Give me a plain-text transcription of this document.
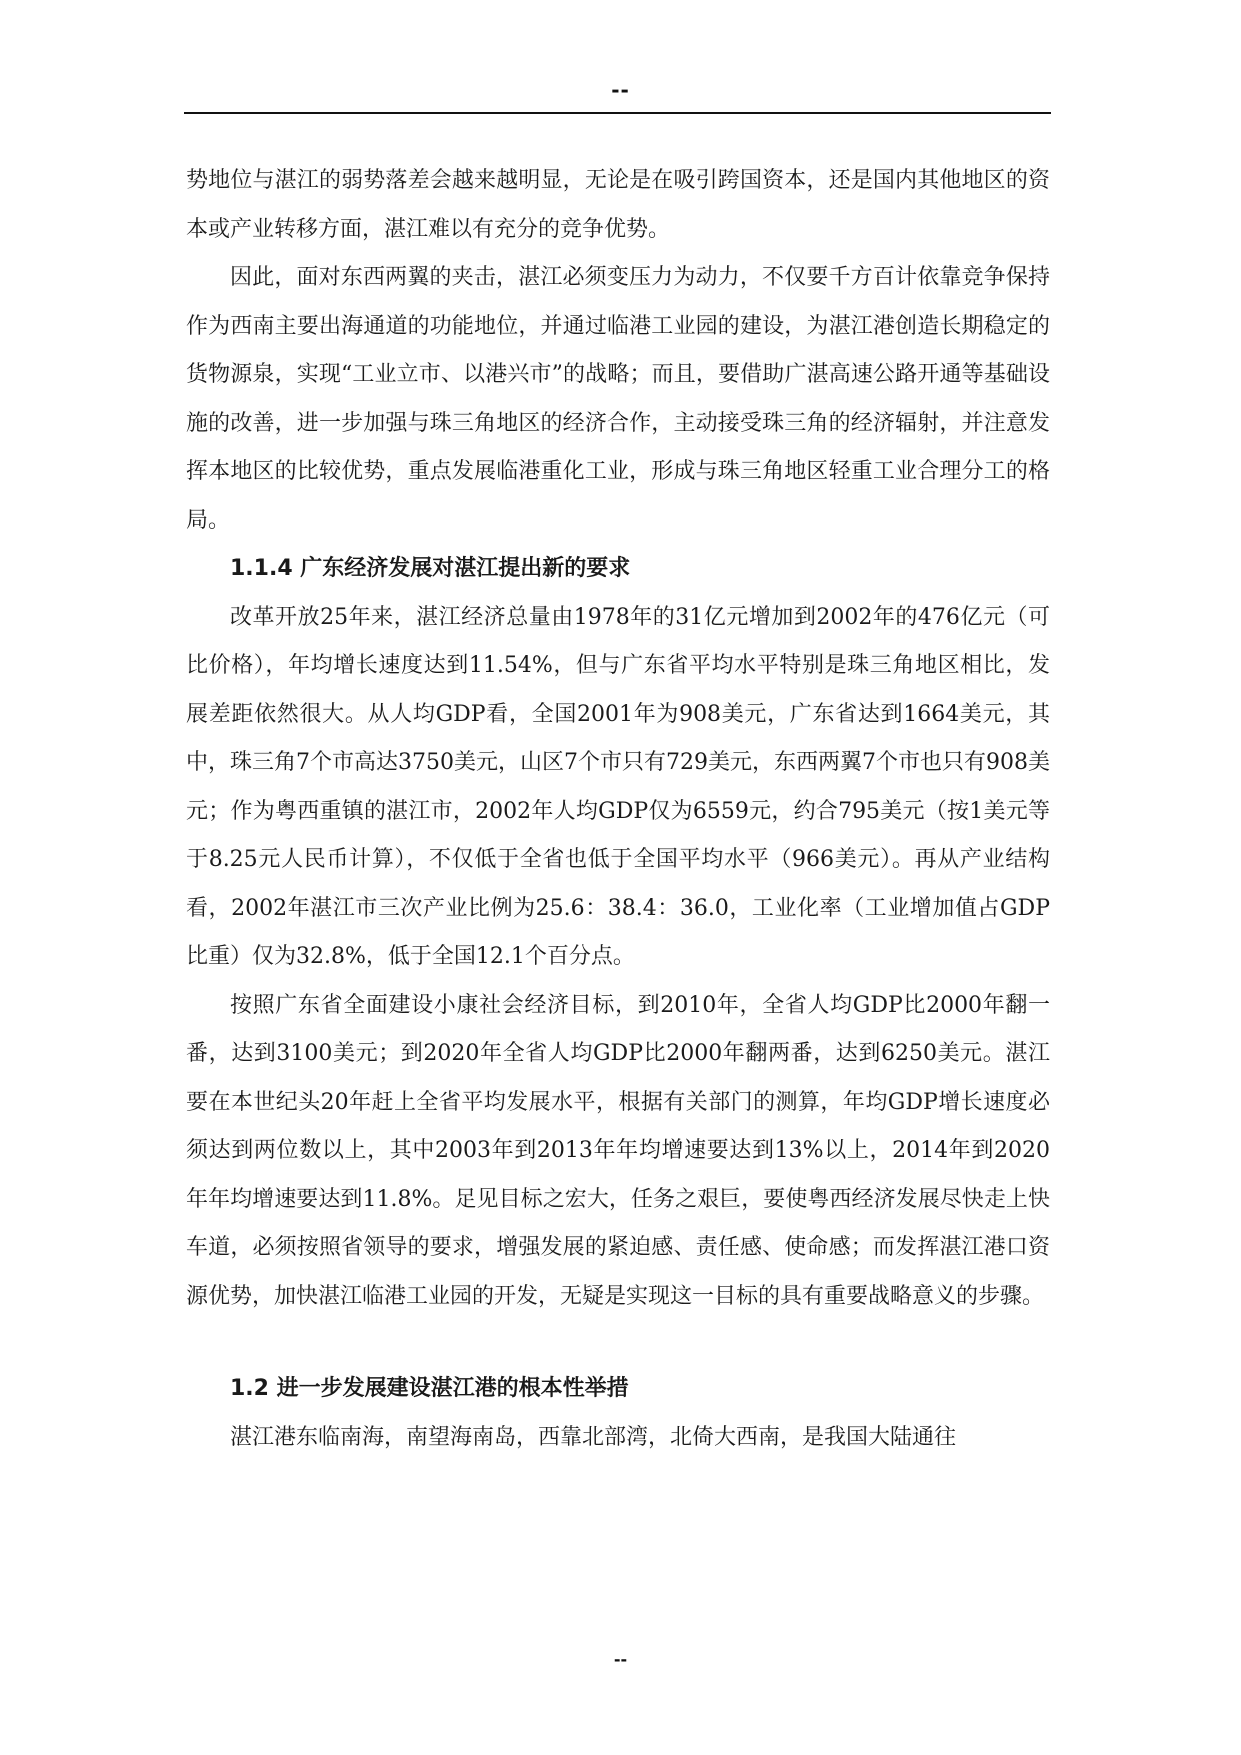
--

势地位与湛江的弱势落差会越来越明显，无论是在吸引跨国资本，还是国内其他地区的资本或产业转移方面，湛江难以有充分的竞争优势。

因此，面对东西两翼的夹击，湛江必须变压力为动力，不仅要千方百计依靠竞争保持作为西南主要出海通道的功能地位，并通过临港工业园的建设，为湛江港创造长期稳定的货物源泉，实现“工业立市、以港兴市”的战略；而且，要借助广湛高速公路开通等基础设施的改善，进一步加强与珠三角地区的经济合作，主动接受珠三角的经济辐射，并注意发挥本地区的比较优势，重点发展临港重化工业，形成与珠三角地区轻重工业合理分工的格局。

1.1.4 广东经济发展对湛江提出新的要求

改革开放25年来，湛江经济总量由1978年的31亿元增加到2002年的476亿元（可比价格），年均增长速度达到11.54%，但与广东省平均水平特别是珠三角地区相比，发展差距依然很大。从人均GDP看，全国2001年为908美元，广东省达到1664美元，其中，珠三角7个市高达3750美元，山区7个市只有729美元，东西两翼7个市也只有908美元；作为粤西重镇的湛江市，2002年人均GDP仅为6559元，约合795美元（按1美元等于8.25元人民币计算），不仅低于全省也低于全国平均水平（966美元）。再从产业结构看，2002年湛江市三次产业比例为25.6：38.4：36.0，工业化率（工业增加值占GDP比重）仅为32.8%，低于全国12.1个百分点。

按照广东省全面建设小康社会经济目标，到2010年，全省人均GDP比2000年翻一番，达到3100美元；到2020年全省人均GDP比2000年翻两番，达到6250美元。湛江要在本世纪头20年赶上全省平均发展水平，根据有关部门的测算，年均GDP增长速度必须达到两位数以上，其中2003年到2013年年均增速要达到13%以上，2014年到2020年年均增速要达到11.8%。足见目标之宏大，任务之艰巨，要使粤西经济发展尽快走上快车道，必须按照省领导的要求，增强发展的紧迫感、责任感、使命感；而发挥湛江港口资源优势，加快湛江临港工业园的开发，无疑是实现这一目标的具有重要战略意义的步骤。

1.2 进一步发展建设湛江港的根本性举措

湛江港东临南海，南望海南岛，西靠北部湾，北倚大西南，是我国大陆通往

--
